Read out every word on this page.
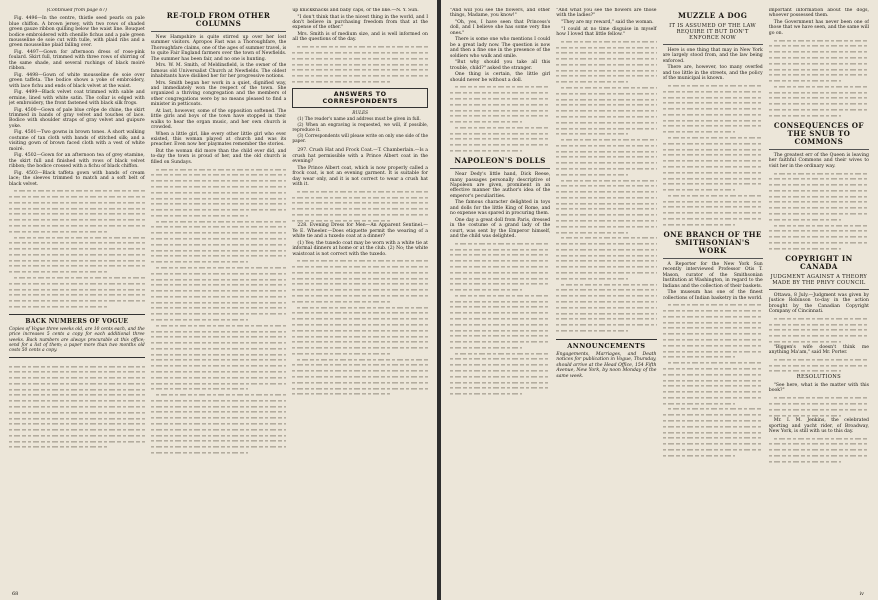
(Continued from page 67)

Fig. 4496—In the centre, thistle seed pearls on pale blue chiffon. A brown jersey, with two rows of shaded green gauze ribbon quilling below the waist line. Bouquet bodice embroidered with chenille fichus and a pale green mousseline de soie cut with tulle, with plaid ribs and a green mousseline plaid falling over.

Fig. 4497—Gown for afternoon dress of rose-pink foulard. Skirt full, trimmed with three rows of shirring of the same shade, and several ruchings of black moiré ribbon.

Fig. 4498—Gown of white mousseline de soie over green taffeta. The bodice shows a yoke of embroidery, with lace fichu and ends of black velvet at the waist.

Fig. 4499—Black velvet coat trimmed with sable and ermine, lined with white satin. The collar is edged with jet embroidery, the front fastened with black silk frogs.

Fig. 4500—Gown of pale blue crêpe de chine, the skirt trimmed in bands of gray velvet and touches of lace. Bodice with shoulder straps of gray velvet and guipure yoke.

Fig. 4501—Two gowns in brown tones. A short walking costume of tan cloth with bands of stitched silk; and a visiting gown of brown faced cloth with a vest of white moiré.

Fig. 4502—Gown for an afternoon tea of grey etamine, the skirt full and finished with rows of black velvet ribbon; the bodice crossed with a fichu of black chiffon.

Fig. 4503—Black taffeta gown with bands of cream lace; the sleeves trimmed to match and a soft belt of black velvet.

BACK NUMBERS OF VOGUE

Copies of Vogue three weeks old, are 10 cents each, and the price increases 5 cents a copy for each additional three weeks. Back numbers are always procurable at this office; send for a list of them; a paper more than two months old costs 50 cents a copy.

RE-TOLD FROM OTHER COLUMNS

New Hampshire is quite stirred up over her lost summer visitors. Apropos Fast was a Thoroughfare, the Thoroughfare claims, one of the ages of summer travel, is to quite Fair England farmers over the town of Newfields. The summer has been fair, and no one is hunting.

Mrs. W. M. Smith, of Meldinsfield, is the owner of the famous old Universalist Church at Newfields. The oldest inhabitants have disliked her for her progressive notions.

Mrs. Smith began her work in a quiet, dignified way, and immediately won the respect of the town. She organized a thriving congregation and the members of other congregations were by no means pleased to find a minister in petticoats.

At last, however, some of the opposition softened. The little girls and boys of the town have stopped in their walks to hear the organ music, and her own church is crowded.

When a little girl, like every other little girl who ever existed, this woman played at church and was its preacher. Even now her playmates remember the stories.

But the woman did more than the child ever did, and to-day the town is proud of her, and the old church is filled on Sundays.

up knickknacks and baby caps, or the like.—N. Y. Sun.

"I don't think that is the nicest thing in the world, and I don't believe in purchasing freedom from that at the expense of the other."

Mrs. Smith is of medium size, and is well informed on all the questions of the day.

ANSWERS TO CORRESPONDENTS
RULES

(1) The reader's name and address must be given in full.

(2) When an engraving is requested, we will, if possible, reproduce it.

(3) Correspondents will please write on only one side of the paper.

297. Crush Hat and Frock Coat.—T. Chamberlain.—Is a crush hat permissible with a Prince Albert coat in the evening?

The Prince Albert coat, which is now properly called a frock coat, is not an evening garment. It is suitable for day wear only, and it is not correct to wear a crush hat with it.

228. Evening Dress for Men—An Apparent Sentinel.—Ye E. Wheeler.—Does etiquette permit the wearing of a white tie and a tuxedo coat at a dinner?

(1) Yes; the tuxedo coat may be worn with a white tie at informal dinners at home or at the club. (2) No; the white waistcoat is not correct with the tuxedo.

68

"And will you see the flowers, and other things, Madame, you know!"

"Oh, yes, I have seen that Princess's doll, and I believe she has some very fine ones."

There is some one who mentions I could be a great lady now. The question is now and then a fine one in the presence of the soldiers who walk and smile.

"But why should you take all this trouble, child?" asked the stranger.

One thing is certain, the little girl should never be without a doll.

NAPOLEON'S DOLLS

Near Dedy's little hand, Dick Reese, many passages personally descriptive of Napoleon are given, prominent in an effective manner the author's idea of the emperor's peculiarities.

The famous character delighted in toys and dolls for the little King of Rome, and no expense was spared in procuring them.

One day a great doll from Paris, dressed in the costume of a grand lady of the court, was sent by the Emperor himself, and the child was delighted.

"And what you see the flowers are those with the ladies?"

"They are my reward," said the woman.

"I could at no time disguise in myself how I loved that little fellow."

ANNOUNCEMENTS

Engagements, Marriages, and Death notices for publication in Vogue, Thursday, should arrive at the Head Office, 154 Fifth Avenue, New York, by noon Monday of the same week.

MUZZLE A DOG
IT IS ASSUMED OF THE LAW REQUIRE IT BUT DON'T ENFORCE NOW

Here is one thing that may in New York are largely stood from, and the law being enforced.

There are, however, too many overfed and too little in the streets, and the policy of the municipal is known.

ONE BRANCH OF THE SMITHSONIAN'S WORK

A Reporter for the New York Sun recently interviewed Professor Otis T. Mason, curator of the Smithsonian Institution at Washington, in regard to the Indians and the collection of their baskets.

The museum has one of the finest collections of Indian basketry in the world.

important information about the dogs, whoever possessed them.

The Government has never been one of those that we have seen, and the same will go on.

CONSEQUENCES OF THE SNUB TO COMMONS

The greatest err of the Queen is leaving her faithful Commons and their wives to visit her in the ordinary way.

COPYRIGHT IN CANADA
JUDGMENT AGAINST A THEORY MADE BY THE PRIVY COUNCIL

Ottawa, 8 July.—Judgment was given by Justice Robinson to-day in the action brought by the Canadian Copyright Company of Cincinnati.

"Biggen's wife doesn't think me anything Ma'am," said Mr. Porter.

RESOLUTIONS

"See here, what is the matter with this book?"

Mr. I. M. Jenkins, the celebrated sporting and yacht rider, of Broadway, New York, is still with us to this day.

iv
